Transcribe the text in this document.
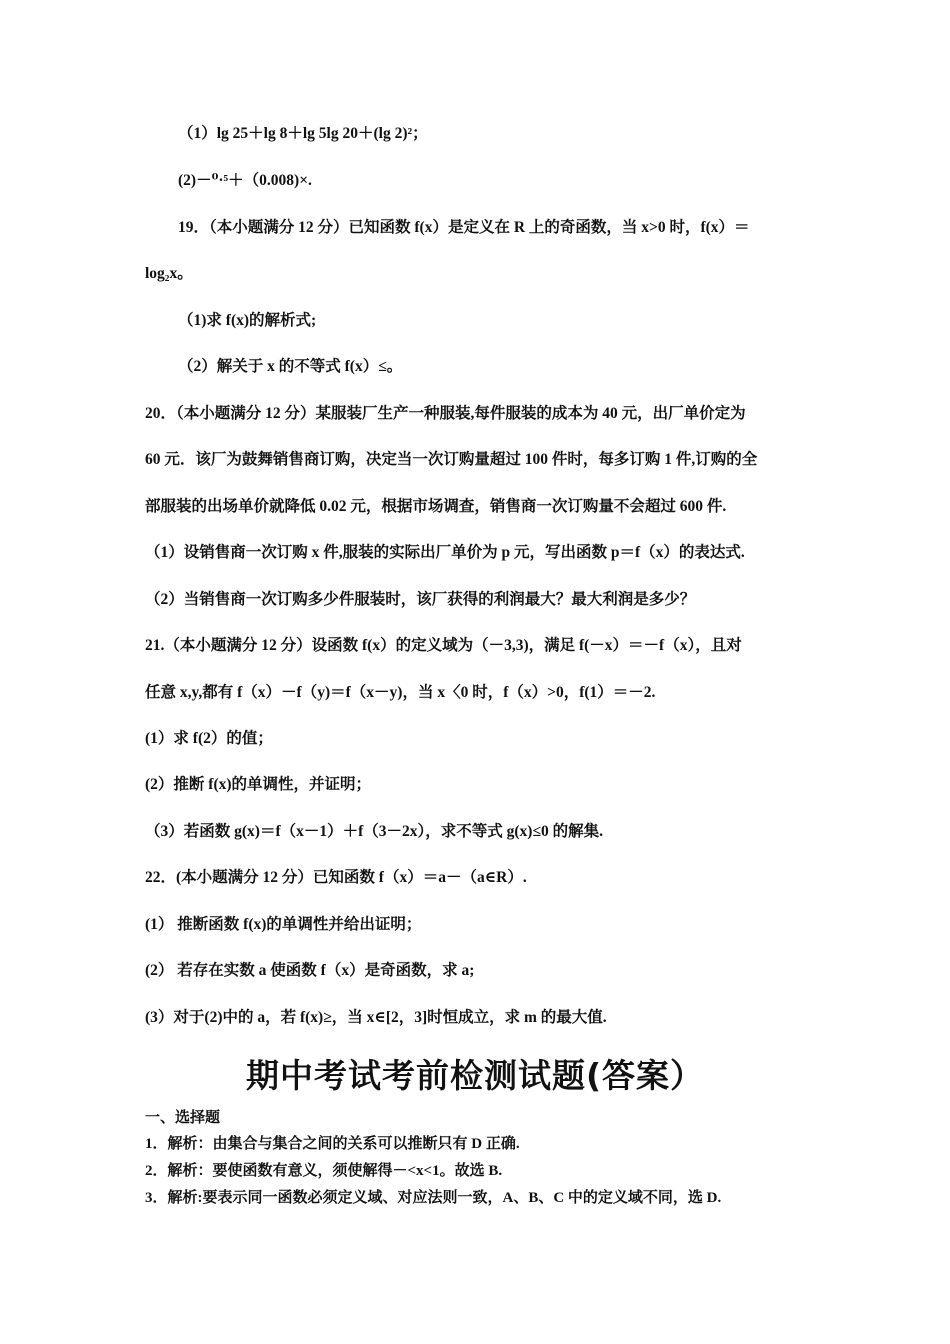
（1）lg 25＋lg 8＋lg 5lg 20＋(lg 2)²；
(2)－⁰·⁵＋（0.008)×.
19．（本小题满分 12 分）已知函数 f(x）是定义在 R 上的奇函数，当 x>0 时，f(x）＝
log₂x。
（1)求 f(x)的解析式;
（2）解关于 x 的不等式 f(x）≤。
20．（本小题满分 12 分）某服装厂生产一种服装,每件服装的成本为 40 元，出厂单价定为
60 元．该厂为鼓舞销售商订购，决定当一次订购量超过 100 件时，每多订购 1 件,订购的全
部服装的出场单价就降低 0.02 元，根据市场调查，销售商一次订购量不会超过 600 件.
（1）设销售商一次订购 x 件,服装的实际出厂单价为 p 元，写出函数 p＝f（x）的表达式.
（2）当销售商一次订购多少件服装时，该厂获得的利润最大？最大利润是多少？
21.（本小题满分 12 分）设函数 f(x）的定义域为（－3,3)，满足 f(－x）＝－f（x），且对
任意 x,y,都有 f（x）－f（y)＝f（x－y)，当 x〈0 时，f（x）>0，f(1）＝－2.
(1）求 f(2）的值；
(2）推断 f(x)的单调性，并证明；
（3）若函数 g(x)＝f（x－1）＋f（3－2x），求不等式 g(x)≤0 的解集.
22．(本小题满分 12 分）已知函数 f（x）＝a－（a∈R）.
(1） 推断函数 f(x)的单调性并给出证明；
(2） 若存在实数 a 使函数 f（x）是奇函数，求 a;
(3）对于(2)中的 a，若 f(x)≥，当 x∈[2，3]时恒成立，求 m 的最大值.
期中考试考前检测试题(答案）
一、选择题
1．解析：由集合与集合之间的关系可以推断只有 D 正确.
2．解析：要使函数有意义，须使解得－<x<1。故选 B.
3．解析:要表示同一函数必须定义域、对应法则一致，A、B、C 中的定义域不同，选 D.
